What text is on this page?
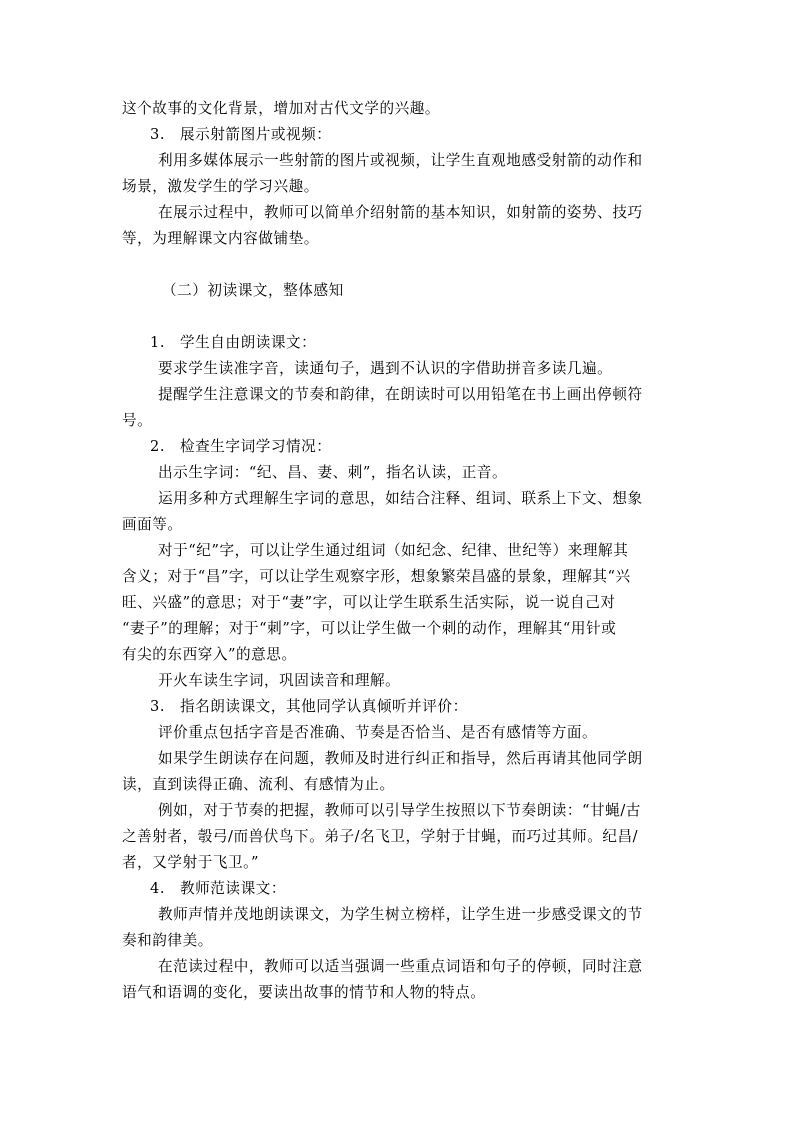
这个故事的文化背景，增加对古代文学的兴趣。
3. 展示射箭图片或视频：
利用多媒体展示一些射箭的图片或视频，让学生直观地感受射箭的动作和
场景，激发学生的学习兴趣。
在展示过程中，教师可以简单介绍射箭的基本知识，如射箭的姿势、技巧
等，为理解课文内容做铺垫。
（二）初读课文，整体感知
1. 学生自由朗读课文：
要求学生读准字音，读通句子，遇到不认识的字借助拼音多读几遍。
提醒学生注意课文的节奏和韵律，在朗读时可以用铅笔在书上画出停顿符
号。
2. 检查生字词学习情况：
出示生字词：“纪、昌、妻、刺”，指名认读，正音。
运用多种方式理解生字词的意思，如结合注释、组词、联系上下文、想象
画面等。
对于“纪”字，可以让学生通过组词（如纪念、纪律、世纪等）来理解其
含义；对于“昌”字，可以让学生观察字形，想象繁荣昌盛的景象，理解其“兴
旺、兴盛”的意思；对于“妻”字，可以让学生联系生活实际，说一说自己对
“妻子”的理解；对于“刺”字，可以让学生做一个刺的动作，理解其“用针或
有尖的东西穿入”的意思。
开火车读生字词，巩固读音和理解。
3. 指名朗读课文，其他同学认真倾听并评价：
评价重点包括字音是否准确、节奏是否恰当、是否有感情等方面。
如果学生朗读存在问题，教师及时进行纠正和指导，然后再请其他同学朗
读，直到读得正确、流利、有感情为止。
例如，对于节奏的把握，教师可以引导学生按照以下节奏朗读：“甘蝇/古
之善射者，彀弓/而兽伏鸟下。弟子/名飞卫，学射于甘蝇，而巧过其师。纪昌/
者，又学射于飞卫。”
4. 教师范读课文：
教师声情并茂地朗读课文，为学生树立榜样，让学生进一步感受课文的节
奏和韵律美。
在范读过程中，教师可以适当强调一些重点词语和句子的停顿，同时注意
语气和语调的变化，要读出故事的情节和人物的特点。
